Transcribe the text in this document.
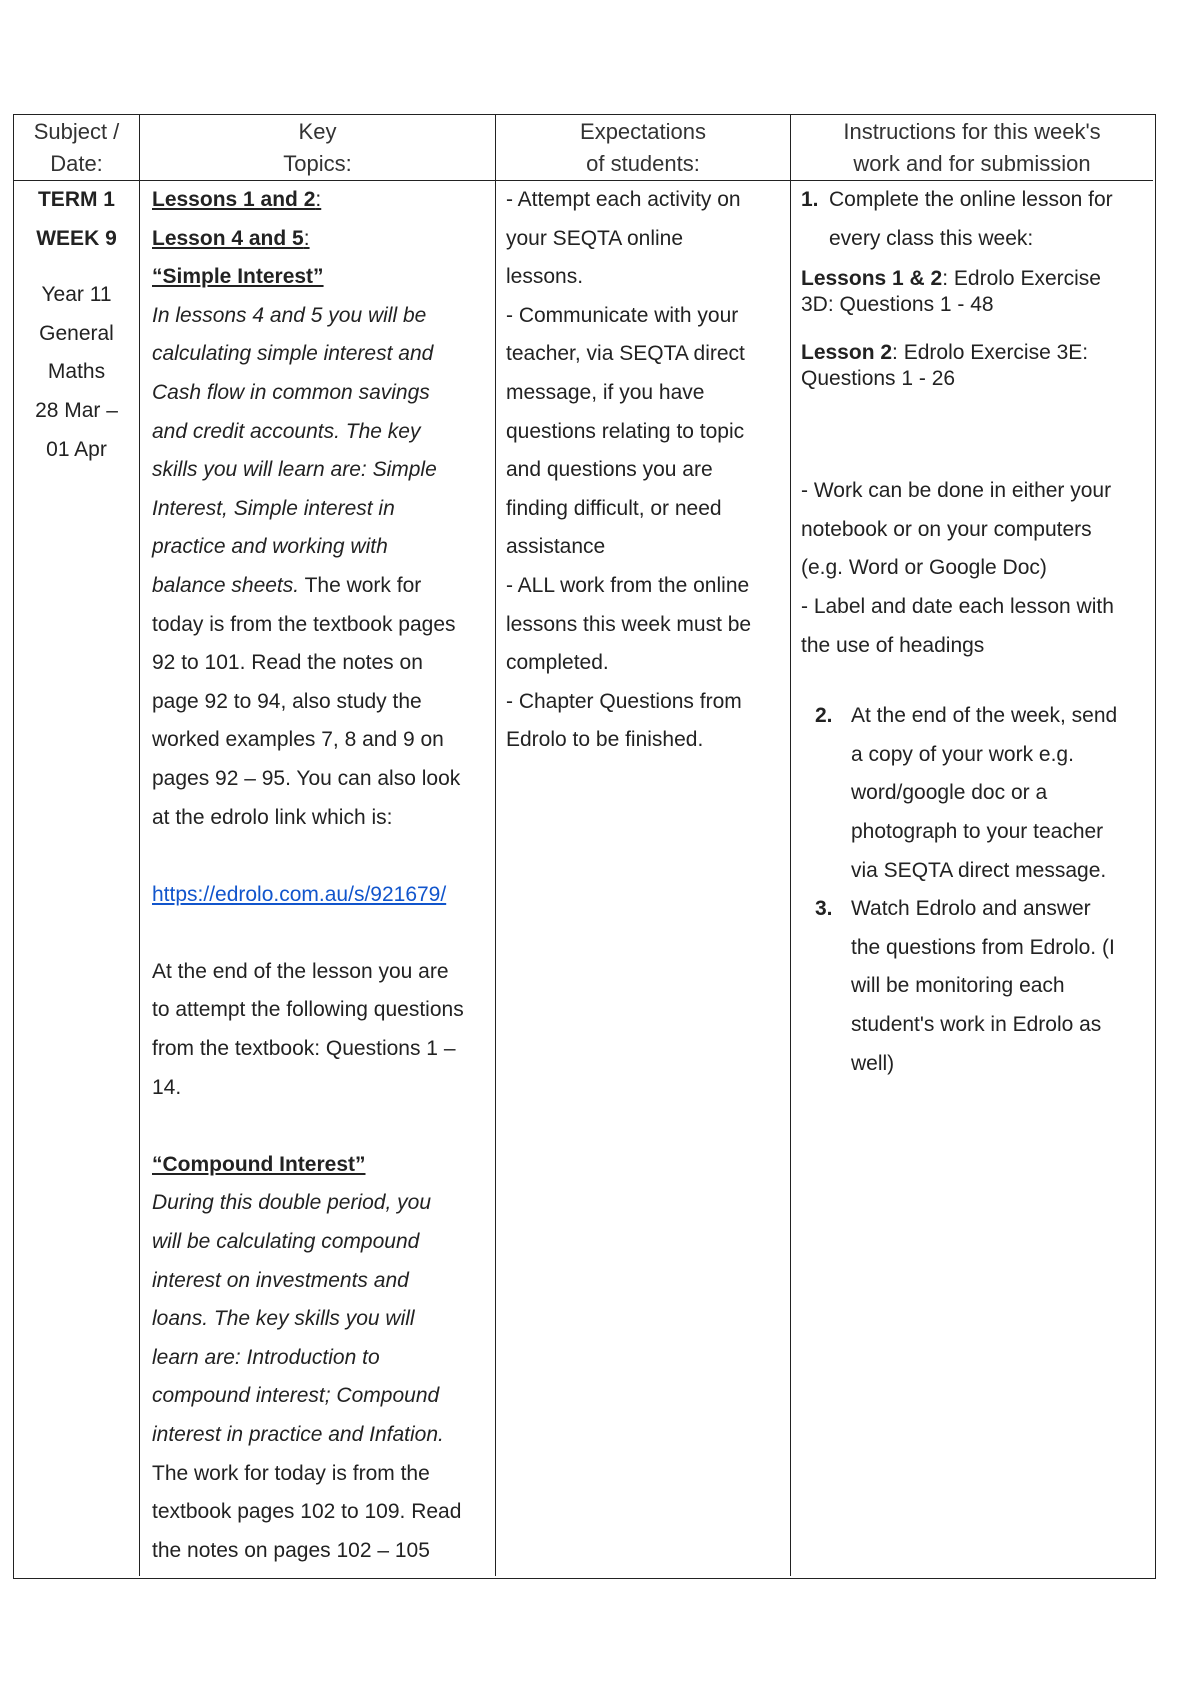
Subject /
Date:
Key
Topics:
Expectations
of students:
Instructions for this week's
work and for submission
TERM 1
WEEK 9
Year 11
General
Maths
28 Mar –
01 Apr
Lessons 1 and 2:
Lesson 4 and 5:
“Simple Interest”
In lessons 4 and 5 you will be
calculating simple interest and
Cash flow in common savings
and credit accounts. The key
skills you will learn are: Simple
Interest, Simple interest in
practice and working with
balance sheets. The work for
today is from the textbook pages
92 to 101. Read the notes on
page 92 to 94, also study the
worked examples 7, 8 and 9 on
pages 92 – 95. You can also look
at the edrolo link which is:
https://edrolo.com.au/s/921679/
At the end of the lesson you are
to attempt the following questions
from the textbook: Questions 1 –
14.
“Compound Interest”
During this double period, you
will be calculating compound
interest on investments and
loans. The key skills you will
learn are: Introduction to
compound interest; Compound
interest in practice and Infation.
The work for today is from the
textbook pages 102 to 109. Read
the notes on pages 102 – 105
- Attempt each activity on
your SEQTA online
lessons.
- Communicate with your
teacher, via SEQTA direct
message, if you have
questions relating to topic
and questions you are
finding difficult, or need
assistance
- ALL work from the online
lessons this week must be
completed.
- Chapter Questions from
Edrolo to be finished.
1. Complete the online lesson for
every class this week:
Lessons 1 & 2: Edrolo Exercise
3D: Questions 1 - 48
Lesson 2: Edrolo Exercise 3E:
Questions 1 - 26
- Work can be done in either your
notebook or on your computers
(e.g. Word or Google Doc)
- Label and date each lesson with
the use of headings
2. At the end of the week, send
a copy of your work e.g.
word/google doc or a
photograph to your teacher
via SEQTA direct message.
3. Watch Edrolo and answer
the questions from Edrolo. (I
will be monitoring each
student's work in Edrolo as
well)
